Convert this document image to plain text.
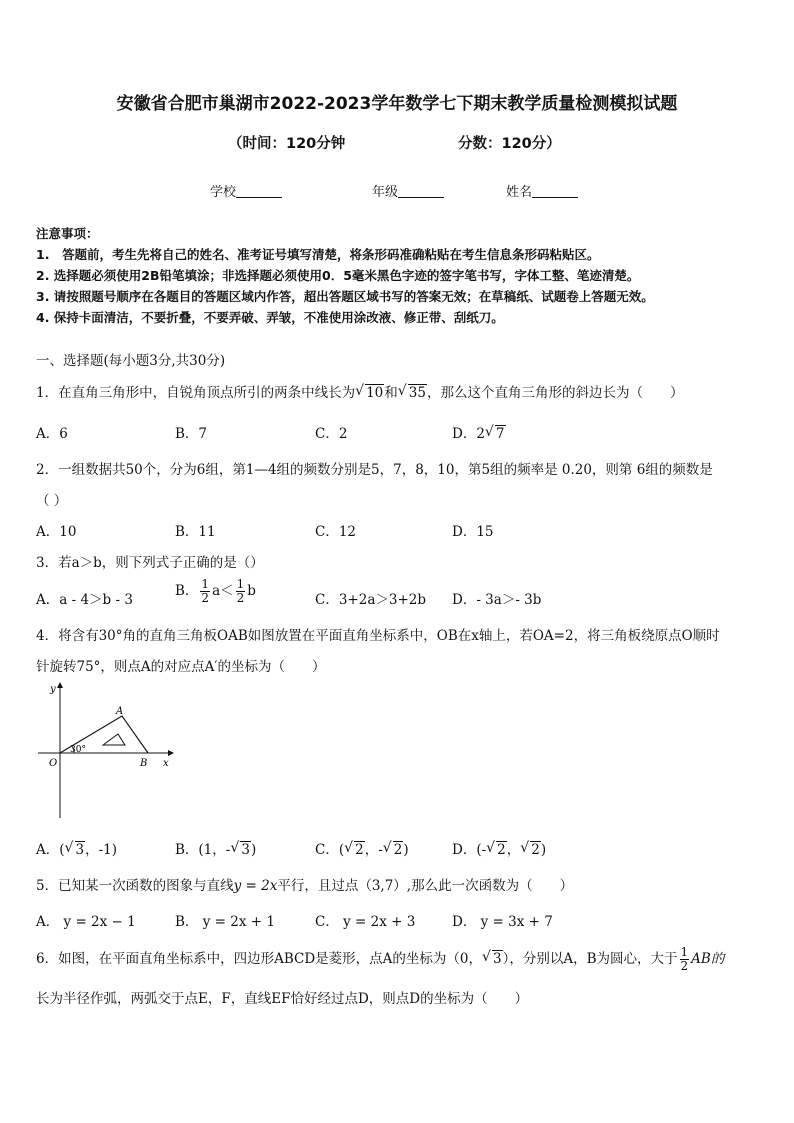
安徽省合肥市巢湖市2022-2023学年数学七下期末教学质量检测模拟试题
（时间：120分钟	分数：120分）
学校	年级	姓名
注意事项：
1.　答题前，考生先将自己的姓名、准考证号填写清楚，将条形码准确粘贴在考生信息条形码粘贴区。
2. 选择题必须使用2B铅笔填涂；非选择题必须使用0．5毫米黑色字迹的签字笔书写，字体工整、笔迹清楚。
3. 请按照题号顺序在各题目的答题区域内作答，超出答题区域书写的答案无效；在草稿纸、试题卷上答题无效。
4. 保持卡面清洁，不要折叠，不要弄破、弄皱，不准使用涂改液、修正带、刮纸刀。
一、选择题(每小题3分,共30分)
1．在直角三角形中，自锐角顶点所引的两条中线长为 √ 10和 √ 35，那么这个直角三角形的斜边长为（　　）
A．6	B．7	C．2	D．2 √ 7
2．一组数据共50个，分为6组，第1—4组的频数分别是5，7，8，10，第5组的频率是 0.20，则第 6组的频数是
（ ）
A．10	B．11	C．12	D．15
3．若a＞b，则下列式子正确的是（）
A．a - 4＞b - 3
B． $\frac{1}{2} a< \frac{1}{2}$ b
C．3+2a＞3+2b D．- 3a＞- 3b
4．将含有30°角的直角三角板OAB如图放置在平面直角坐标系中，OB在x轴上，若OA=2，将三角板绕原点O顺时
针旋转75°，则点A的对应点A′的坐标为（　　）
y
x
O	B
A
30°
A．( √ 3，-1)	B．(1，- √ 3)	C．( √ 2，- √ 2)	D．(- √ 2， √ 2)
5．已知某一次函数的图象与直线y = 2x平行，且过点（3,7）,那么此一次函数为（　　）
A． y = 2x − 1	B． y = 2x + 1	C． y = 2x + 3	D． y = 3x + 7
6．如图，在平面直角坐标系中，四边形ABCD是菱形，点A的坐标为（0， √ 3），分别以A，B为圆心，大于 $\frac{1}{2}$ AB的
长为半径作弧，两弧交于点E，F，直线EF恰好经过点D，则点D的坐标为（　　）
